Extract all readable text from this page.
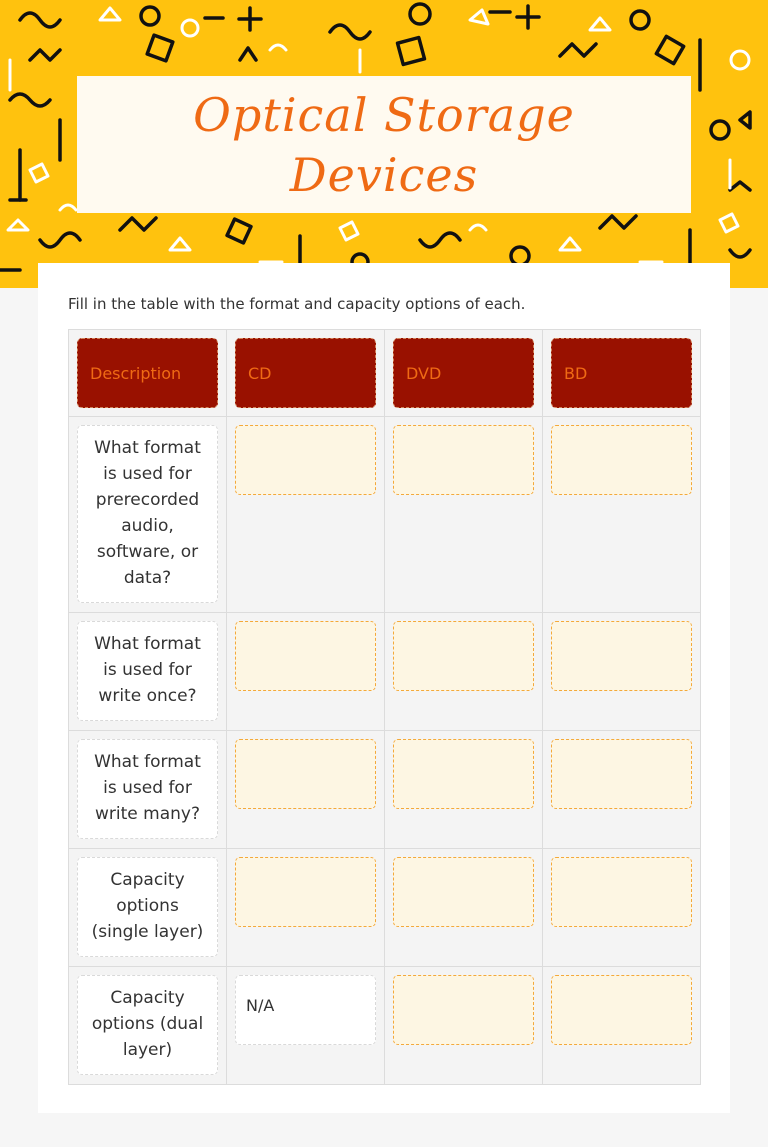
Optical Storage
Devices
Fill in the table with the format and capacity options of each.
Description	CD	DVD	BD

What format is used for prerecorded audio, software, or data?			

What format is used for write once?			

What format is used for write many?			

Capacity options (single layer)			

Capacity options (dual layer)	N/A		
